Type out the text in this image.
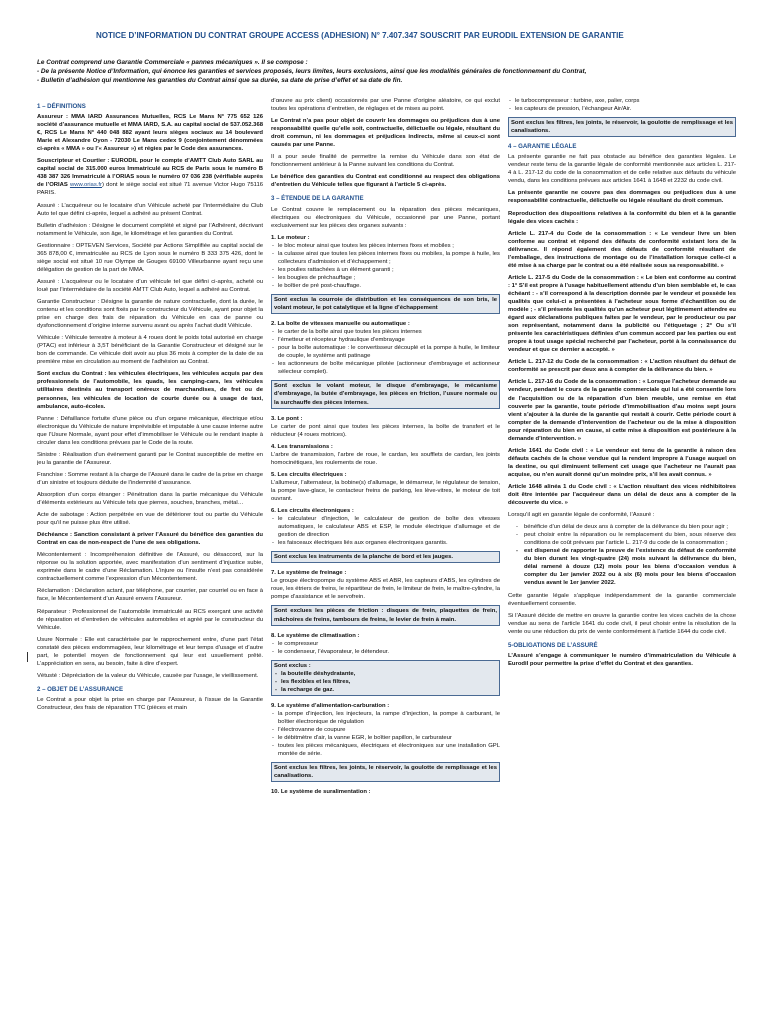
NOTICE D’INFORMATION DU CONTRAT GROUPE ACCESS (ADHESION) N° 7.407.347 SOUSCRIT PAR EURODIL EXTENSION DE GARANTIE
Le Contrat comprend une Garantie Commerciale « pannes mécaniques ». Il se compose :
- De la présente Notice d’Information, qui énonce les garanties et services proposés, leurs limites, leurs exclusions, ainsi que les modalités générales de fonctionnement du Contrat,
- Bulletin d’adhésion qui mentionne les garanties du Contrat ainsi que sa durée, sa date de prise d’effet et sa date de fin.
1 – DÉFINITIONS

Assureur : MMA IARD Assurances Mutuelles, RCS Le Mans N° 775 652 126 société d’assurance mutuelle et MMA IARD, S.A. au capital social de 537.052.368 €, RCS Le Mans N° 440 048 882 ayant leurs sièges sociaux au 14 boulevard Marie et Alexandre Oyon - 72030 Le Mans cedex 9 (conjointement dénommées ci-après « MMA » ou l’« Assureur ») et régies par le Code des assurances.

Souscripteur et Courtier : EURODIL pour le compte d’AMTT Club Auto SARL au capital social de 315.000 euros Immatriculé au RCS de Paris sous le numéro B 438 387 326 Immatriculé à l’ORIAS sous le numéro 07 036 238 (vérifiable auprès de l’ORIAS www.orias.fr) dont le siège social est situé 71 avenue Victor Hugo 75116 PARIS.

Assuré : L’acquéreur ou le locataire d’un Véhicule acheté par l’intermédiaire du Club Auto tel que défini ci-après, lequel a adhéré au présent Contrat.

Bulletin d’adhésion : Désigne le document complété et signé par l’Adhérent, décrivant notamment le Véhicule, son âge, le kilométrage et les garanties du Contrat.

Gestionnaire : OPTEVEN Services, Société par Actions Simplifiée au capital social de 365 878,00 €, immatriculée au RCS de Lyon sous le numéro B 333 375 426, dont le siège social est situé 10 rue Olympe de Gouges 69100 Villeurbanne ayant reçu une délégation de gestion de la part de MMA.

Assuré : L’acquéreur ou le locataire d’un véhicule tel que défini ci-après, acheté ou loué par l’intermédiaire de la société AMTT Club Auto, lequel a adhéré au Contrat.

Garantie Constructeur : Désigne la garantie de nature contractuelle, dont la durée, le contenu et les conditions sont fixés par le constructeur du Véhicule, ayant pour objet la prise en charge des frais de réparation du Véhicule en cas de panne ou dysfonctionnement d’origine interne survenu avant ou après l’achat dudit Véhicule.

Véhicule : Véhicule terrestre à moteur à 4 roues dont le poids total autorisé en charge (PTAC) est inférieur à 3,5T bénéficiant de la Garantie Constructeur et désigné sur le bon de commande. Ce véhicule doit avoir au plus 36 mois à compter de la date de sa première mise en circulation au moment de l’adhésion au Contrat.

Sont exclus du Contrat : les véhicules électriques, les véhicules acquis par des professionnels de l’automobile, les quads, les camping-cars, les véhicules utilitaires destinés au transport onéreux de marchandises, de fret ou de personnes, les véhicules de location de courte durée ou à usage de taxi, ambulance, auto-écoles.

Panne : Défaillance fortuite d’une pièce ou d’un organe mécanique, électrique et/ou électronique du Véhicule de nature imprévisible et imputable à une cause interne autre que l’Usure Normale, ayant pour effet d’immobiliser le Véhicule ou le rendant inapte à circuler dans les conditions prévues par le Code de la route.

Sinistre : Réalisation d’un événement garanti par le Contrat susceptible de mettre en jeu la garantie de l’Assureur.

Franchise : Somme restant à la charge de l’Assuré dans le cadre de la prise en charge d’un sinistre et toujours déduite de l’indemnité d’assurance.

Absorption d’un corps étranger : Pénétration dans la partie mécanique du Véhicule d’éléments extérieurs au Véhicule tels que pierres, souches, branches, métal…

Acte de sabotage : Action perpétrée en vue de détériorer tout ou partie du Véhicule pour qu’il ne puisse plus être utilisé.

Déchéance : Sanction consistant à priver l’Assuré du bénéfice des garanties du Contrat en cas de non-respect de l’une de ses obligations.

Mécontentement : Incompréhension définitive de l’Assuré, ou désaccord, sur la réponse ou la solution apportée, avec manifestation d’un sentiment d’injustice subie, exprimée dans le cadre d’une Réclamation. L’injure ou l’insulte n’est pas considérée contractuellement comme l’expression d’un Mécontentement.

Réclamation : Déclaration actant, par téléphone, par courrier, par courriel ou en face à face, le Mécontentement d’un Assuré envers l’Assureur.

Réparateur : Professionnel de l’automobile immatriculé au RCS exerçant une activité de réparation et d’entretien de véhicules automobiles et agréé par le constructeur du Véhicule.

Usure Normale : Elle est caractérisée par le rapprochement entre, d’une part l’état constaté des pièces endommagées, leur kilométrage et leur temps d’usage et d’autre part, le potentiel moyen de fonctionnement qui leur est usuellement prêté. L’appréciation en sera, au besoin, faite à dire d’expert.

Vétusté : Dépréciation de la valeur du Véhicule, causée par l’usage, le vieillissement.

2 – OBJET DE L’ASSURANCE

Le Contrat a pour objet la prise en charge par l’Assureur, à l’issue de la Garantie Constructeur, des frais de réparation TTC (pièces et main

d’œuvre au prix client) occasionnés par une Panne d’origine aléatoire, ce qui exclut toutes les opérations d’entretien, de réglages et de mises au point.

Le Contrat n’a pas pour objet de couvrir les dommages ou préjudices dus à une responsabilité quelle qu’elle soit, contractuelle, délictuelle ou légale, résultant du droit commun, ni les dommages et préjudices indirects, même si ceux-ci sont causés par une Panne.

Il a pour seule finalité de permettre la remise du Véhicule dans son état de fonctionnement antérieur à la Panne suivant les conditions du Contrat.

Le bénéfice des garanties du Contrat est conditionné au respect des obligations d’entretien du Véhicule telles que figurant à l’article 5 ci-après.

3 – ÉTENDUE DE LA GARANTIE

Le Contrat couvre le remplacement ou la réparation des pièces mécaniques, électriques ou électroniques du Véhicule, occasionné par une Panne, portant exclusivement sur les pièces des organes suivants :

1. Le moteur :
- le bloc moteur ainsi que toutes les pièces internes fixes et mobiles ;
- la culasse ainsi que toutes les pièces internes fixes ou mobiles, la pompe à huile, les collecteurs d’admission et d’échappement ;
- les poulies rattachées à un élément garanti ;
- les bougies de préchauffage ;
- le boîtier de pré post-chauffage.
Sont exclus la courroie de distribution et les conséquences de son bris, le volant moteur, le pot catalytique et la ligne d’échappement
2. La boîte de vitesses manuelle ou automatique :
- le carter de la boîte ainsi que toutes les pièces internes
- l’émetteur et récepteur hydraulique d’embrayage
- pour la boîte automatique : le convertisseur découplé et la pompe à huile, le limiteur de couple, le système anti patinage
- les actionneurs de boîte mécanique pilotée (actionneur d’embrayage et actionneur sélecteur complet).
Sont exclus le volant moteur, le disque d’embrayage, le mécanisme d’embrayage, la butée d’embrayage, les pièces en friction, l’usure normale ou la surchauffe des pièces internes.
3. Le pont :

Le carter de pont ainsi que toutes les pièces internes, la boîte de transfert et le réducteur (4 roues motrices).

4. Les transmissions :

L’arbre de transmission, l’arbre de roue, le cardan, les soufflets de cardan, les joints homocinétiques, les roulements de roue.

5. Les circuits électriques :

L’allumeur, l’alternateur, la bobine(s) d’allumage, le démarreur, le régulateur de tension, la pompe lave-glace, le contacteur freins de parking, les lève-vitres, le moteur de toit ouvrant.

6. Les circuits électroniques :
- le calculateur d’injection, le calculateur de gestion de boîte des vitesses automatiques, le calculateur ABS et ESP, le module électrique d’allumage et de gestion de direction
- les faisceaux électriques liés aux organes électroniques garantis.
Sont exclus les instruments de la planche de bord et les jauges.
7. Le système de freinage :

Le groupe électropompe du système ABS et ABR, les capteurs d’ABS, les cylindres de roue, les étriers de freins, le répartiteur de frein, le limiteur de frein, le maître-cylindre, la pompe d’assistance et le servofrein.

Sont exclues les pièces de friction : disques de frein, plaquettes de frein, mâchoires de freins, tambours de freins, le levier de frein à main.
8. Le système de climatisation :
- le compresseur
- le condenseur, l’évaporateur, le détendeur.
Sont exclus :
- la bouteille déshydratante,
- les flexibles et les filtres,
- la recharge de gaz.
9. Le système d’alimentation-carburation :
- la pompe d’injection, les injecteurs, la rampe d’injection, la pompe à carburant, le boîtier électronique de régulation
- l’électrovanne de coupure
- le débitmètre d’air, la vanne EGR, le boîtier papillon, le carburateur
- toutes les pièces mécaniques, électriques et électroniques sur une installation GPL montée de série.
Sont exclus les filtres, les joints, le réservoir, la goulotte de remplissage et les canalisations.
10. Le système de suralimentation :
- le turbocompresseur : turbine, axe, palier, corps
- les capteurs de pression, l’échangeur Air/Air.
Sont exclus les filtres, les joints, le réservoir, la goulotte de remplissage et les canalisations.
4 – GARANTIE LÉGALE

La présente garantie ne fait pas obstacle au bénéfice des garanties légales. Le vendeur reste tenu de la garantie légale de conformité mentionnée aux articles L. 217-4 à L. 217-12 du code de la consommation et de celle relative aux défauts du véhicule vendu, dans les conditions prévues aux articles 1641 à 1648 et 2232 du code civil.

La présente garantie ne couvre pas des dommages ou préjudices dus à une responsabilité contractuelle, délictuelle ou légale résultant du droit commun.

Reproduction des dispositions relatives à la conformité du bien et à la garantie légale des vices cachés :

Article L. 217-4 du Code de la consommation : « Le vendeur livre un bien conforme au contrat et répond des défauts de conformité existant lors de la délivrance. Il répond également des défauts de conformité résultant de l’emballage, des instructions de montage ou de l’installation lorsque celle-ci a été mise à sa charge par le contrat ou a été réalisée sous sa responsabilité. »

Article L. 217-5 du Code de la consommation : « Le bien est conforme au contrat : 1° S’il est propre à l’usage habituellement attendu d’un bien semblable et, le cas échéant : - s’il correspond à la description donnée par le vendeur et possède les qualités que celui-ci a présentées à l’acheteur sous forme d’échantillon ou de modèle ; - s’il présente les qualités qu’un acheteur peut légitimement attendre eu égard aux déclarations publiques faites par le vendeur, par le producteur ou par son représentant, notamment dans la publicité ou l’étiquetage ; 2° Ou s’il présente les caractéristiques définies d’un commun accord par les parties ou est propre à tout usage spécial recherché par l’acheteur, porté à la connaissance du vendeur et que ce dernier a accepté. »

Article L. 217-12 du Code de la consommation : « L’action résultant du défaut de conformité se prescrit par deux ans à compter de la délivrance du bien. »

Article L. 217-16 du Code de la consommation : « Lorsque l’acheteur demande au vendeur, pendant le cours de la garantie commerciale qui lui a été consentie lors de l’acquisition ou de la réparation d’un bien meuble, une remise en état couverte par la garantie, toute période d’immobilisation d’au moins sept jours vient s’ajouter à la durée de la garantie qui restait à courir. Cette période court à compter de la demande d’intervention de l’acheteur ou de la mise à disposition pour réparation du bien en cause, si cette mise à disposition est postérieure à la demande d’intervention. »

Article 1641 du Code civil : « Le vendeur est tenu de la garantie à raison des défauts cachés de la chose vendue qui la rendent impropre à l’usage auquel on la destine, ou qui diminuent tellement cet usage que l’acheteur ne l’aurait pas acquise, ou n’en aurait donné qu’un moindre prix, s’il les avait connus. »

Article 1648 alinéa 1 du Code civil : « L’action résultant des vices rédhibitoires doit être intentée par l’acquéreur dans un délai de deux ans à compter de la découverte du vice. »

Lorsqu’il agit en garantie légale de conformité, l’Assuré :

- bénéficie d’un délai de deux ans à compter de la délivrance du bien pour agir ;
- peut choisir entre la réparation ou le remplacement du bien, sous réserve des conditions de coût prévues par l’article L. 217-9 du code de la consommation ;
- est dispensé de rapporter la preuve de l’existence du défaut de conformité du bien durant les vingt-quatre (24) mois suivant la délivrance du bien, délai ramené à douze (12) mois pour les biens d’occasion vendus à compter du 1er janvier 2022 ou à six (6) mois pour les biens d’occasion vendus avant le 1er janvier 2022.

Cette garantie légale s’applique indépendamment de la garantie commerciale éventuellement consentie.

Si l’Assuré décide de mettre en œuvre la garantie contre les vices cachés de la chose vendue au sens de l’article 1641 du code civil, il peut choisir entre la résolution de la vente ou une réduction du prix de vente conformément à l’article 1644 du code civil.

5-OBLIGATIONS DE L’ASSURÉ

L’Assuré s’engage à communiquer le numéro d’immatriculation du Véhicule à Eurodil pour permettre la prise d’effet du Contrat et des garanties.
